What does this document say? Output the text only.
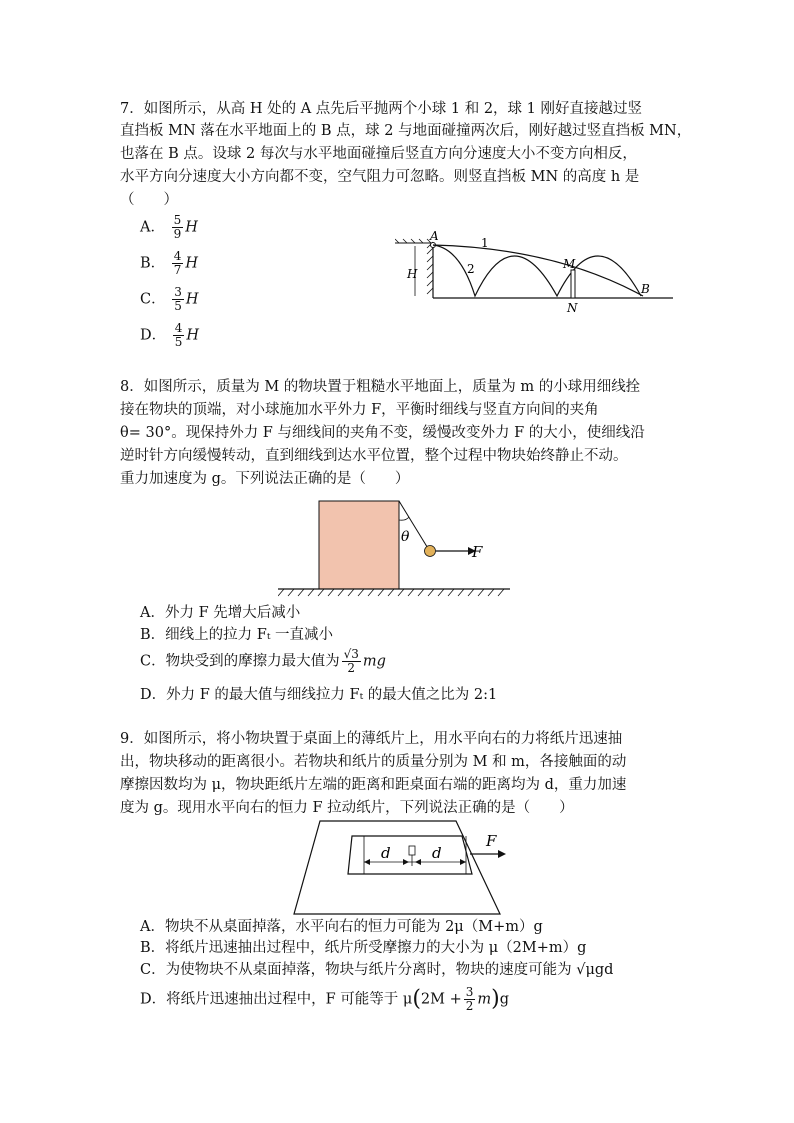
7．如图所示，从高 H 处的 A 点先后平抛两个小球 1 和 2，球 1 刚好直接越过竖
直挡板 MN 落在水平地面上的 B 点，球 2 与地面碰撞两次后，刚好越过竖直挡板 MN，
也落在 B 点。设球 2 每次与水平地面碰撞后竖直方向分速度大小不变方向相反，
水平方向分速度大小方向都不变，空气阻力可忽略。则竖直挡板 MN 的高度 h 是
（　　）
A． $\frac{5}{9}$ H
B． $\frac{4}{7}$ H
C． $\frac{3}{5}$ H
D． $\frac{4}{5}$ H
H
A	1
2	M
N
B
8．如图所示，质量为 M 的物块置于粗糙水平地面上，质量为 m 的小球用细线拴
接在物块的顶端，对小球施加水平外力 F，平衡时细线与竖直方向间的夹角
θ= 30°。现保持外力 F 与细线间的夹角不变，缓慢改变外力 F 的大小，使细线沿
逆时针方向缓慢转动，直到细线到达水平位置，整个过程中物块始终静止不动。
重力加速度为 g。下列说法正确的是（　　）
θ
F
A．外力 F 先增大后减小
B．细线上的拉力 Fₜ 一直减小
C．物块受到的摩擦力最大值为 $\frac{√3}{2}$ mg
D．外力 F 的最大值与细线拉力 Fₜ 的最大值之比为 2:1
9．如图所示，将小物块置于桌面上的薄纸片上，用水平向右的力将纸片迅速抽
出，物块移动的距离很小。若物块和纸片的质量分别为 M 和 m，各接触面的动
摩擦因数均为 μ，物块距纸片左端的距离和距桌面右端的距离均为 d，重力加速
度为 g。现用水平向右的恒力 F 拉动纸片，下列说法正确的是（　　）
d	d
F
A．物块不从桌面掉落，水平向右的恒力可能为 2μ（M+m）g
B．将纸片迅速抽出过程中，纸片所受摩擦力的大小为 μ（2M+m）g
C．为使物块不从桌面掉落，物块与纸片分离时，物块的速度可能为 √μgd
D．将纸片迅速抽出过程中，F 可能等于 $\mu(2M + \frac{3}{2} m)g$
